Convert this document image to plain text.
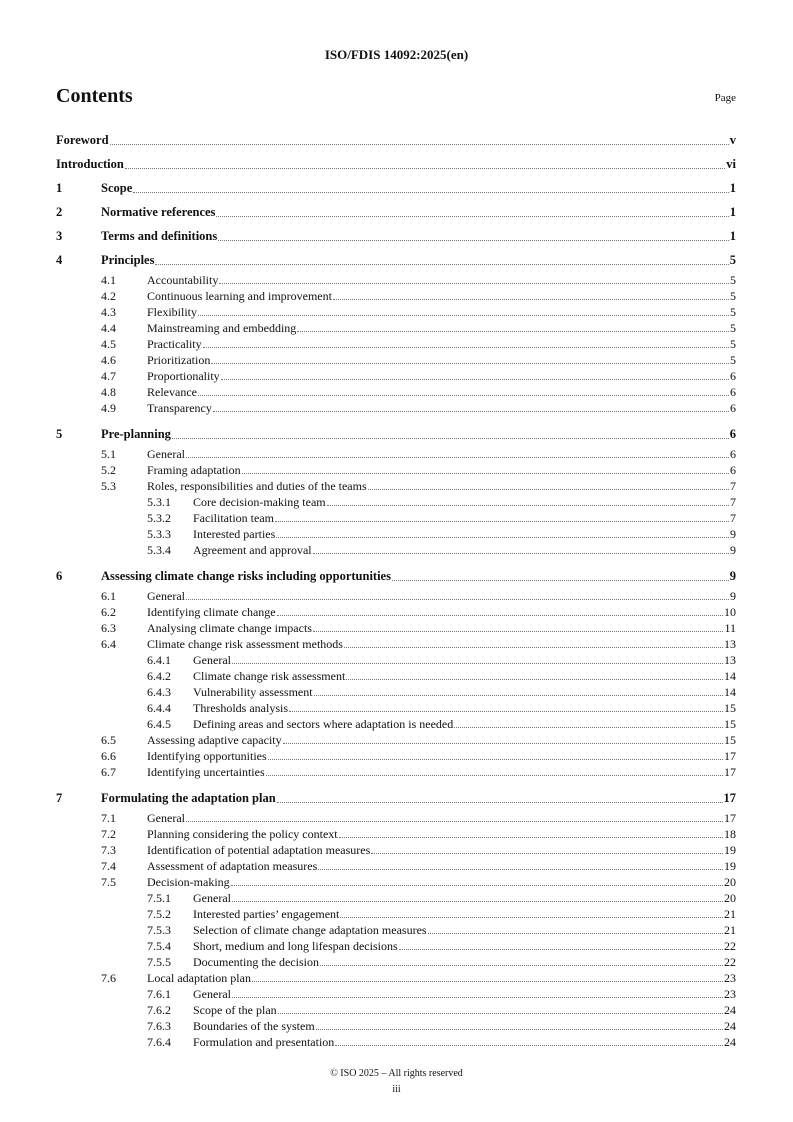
ISO/FDIS 14092:2025(en)
Contents	Page
Foreword	v
Introduction	vi
1	Scope	1
2	Normative references	1
3	Terms and definitions	1
4	Principles	5
4.1	Accountability	5
4.2	Continuous learning and improvement	5
4.3	Flexibility	5
4.4	Mainstreaming and embedding	5
4.5	Practicality	5
4.6	Prioritization	5
4.7	Proportionality	6
4.8	Relevance	6
4.9	Transparency	6
5	Pre-planning	6
5.1	General	6
5.2	Framing adaptation	6
5.3	Roles, responsibilities and duties of the teams	7
5.3.1	Core decision-making team	7
5.3.2	Facilitation team	7
5.3.3	Interested parties	9
5.3.4	Agreement and approval	9
6	Assessing climate change risks including opportunities	9
6.1	General	9
6.2	Identifying climate change	10
6.3	Analysing climate change impacts	11
6.4	Climate change risk assessment methods	13
6.4.1	General	13
6.4.2	Climate change risk assessment	14
6.4.3	Vulnerability assessment	14
6.4.4	Thresholds analysis	15
6.4.5	Defining areas and sectors where adaptation is needed	15
6.5	Assessing adaptive capacity	15
6.6	Identifying opportunities	17
6.7	Identifying uncertainties	17
7	Formulating the adaptation plan	17
7.1	General	17
7.2	Planning considering the policy context	18
7.3	Identification of potential adaptation measures	19
7.4	Assessment of adaptation measures	19
7.5	Decision-making	20
7.5.1	General	20
7.5.2	Interested parties’ engagement	21
7.5.3	Selection of climate change adaptation measures	21
7.5.4	Short, medium and long lifespan decisions	22
7.5.5	Documenting the decision	22
7.6	Local adaptation plan	23
7.6.1	General	23
7.6.2	Scope of the plan	24
7.6.3	Boundaries of the system	24
7.6.4	Formulation and presentation	24
© ISO 2025 – All rights reserved
iii
